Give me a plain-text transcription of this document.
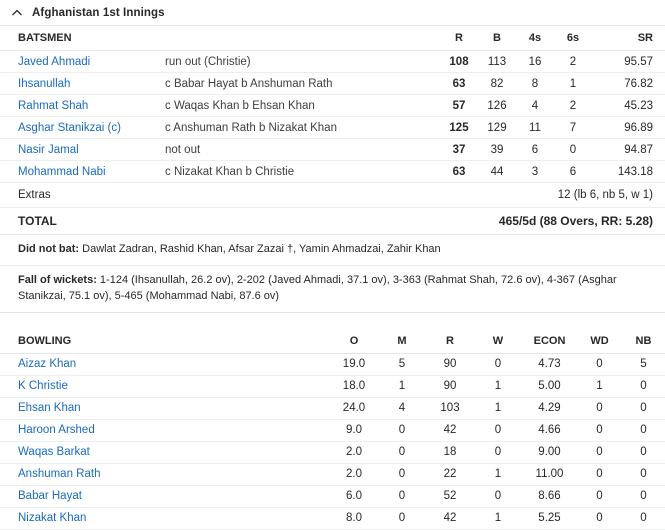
Afghanistan 1st Innings
BATSMEN		R	B	4s	6s	SR
Javed Ahmadi	run out (Christie)	108	113	16	2	95.57
Ihsanullah	c Babar Hayat b Anshuman Rath	63	82	8	1	76.82
Rahmat Shah	c Waqas Khan b Ehsan Khan	57	126	4	2	45.23
Asghar Stanikzai (c)	c Anshuman Rath b Nizakat Khan	125	129	11	7	96.89
Nasir Jamal	not out	37	39	6	0	94.87
Mohammad Nabi	c Nizakat Khan b Christie	63	44	3	6	143.18
Extras	12 (lb 6, nb 5, w 1)					
TOTAL	465/5d (88 Overs, RR: 5.28)					
Did not bat: Dawlat Zadran, Rashid Khan, Afsar Zazai †, Yamin Ahmadzai, Zahir Khan
Fall of wickets: 1-124 (Ihsanullah, 26.2 ov), 2-202 (Javed Ahmadi, 37.1 ov), 3-363 (Rahmat Shah, 72.6 ov), 4-367 (Asghar Stanikzai, 75.1 ov), 5-465 (Mohammad Nabi, 87.6 ov)
BOWLING	O	M	R	W	ECON	WD	NB
Aizaz Khan	19.0	5	90	0	4.73	0	5
K Christie	18.0	1	90	1	5.00	1	0
Ehsan Khan	24.0	4	103	1	4.29	0	0
Haroon Arshed	9.0	0	42	0	4.66	0	0
Waqas Barkat	2.0	0	18	0	9.00	0	0
Anshuman Rath	2.0	0	22	1	11.00	0	0
Babar Hayat	6.0	0	52	0	8.66	0	0
Nizakat Khan	8.0	0	42	1	5.25	0	0
